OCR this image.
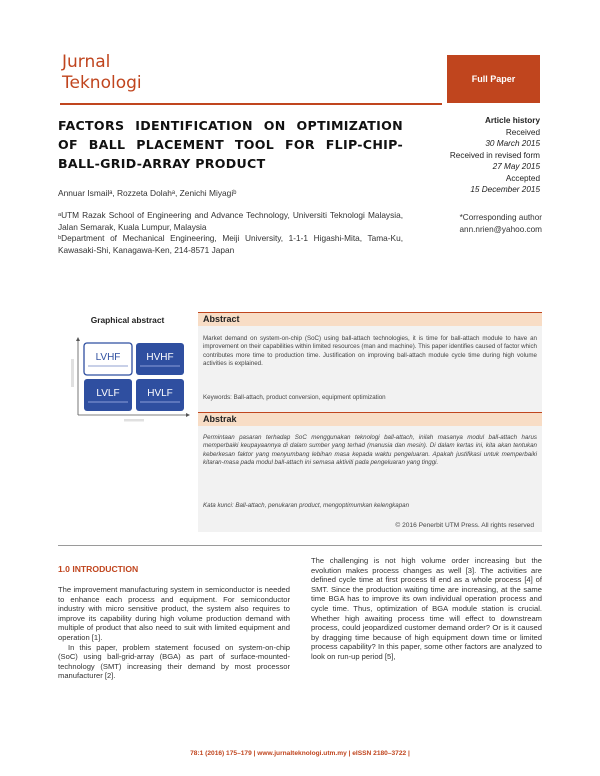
Jurnal
Teknologi	Full Paper
FACTORS IDENTIFICATION ON OPTIMIZATION OF BALL PLACEMENT TOOL FOR FLIP-CHIP-BALL-GRID-ARRAY PRODUCT
Article history
Received
30 March 2015
Received in revised form
27 May 2015
Accepted
15 December 2015
Annuar Ismailᵃ, Rozzeta Dolahᵃ, Zenichi Miyagiᵇ

ᵃUTM Razak School of Engineering and Advance Technology, Universiti Teknologi Malaysia, Jalan Semarak, Kuala Lumpur, Malaysia

ᵇDepartment of Mechanical Engineering, Meiji University, 1-1-1 Higashi-Mita, Tama-Ku, Kawasaki-Shi, Kanagawa-Ken, 214-8571 Japan

*Corresponding author
ann.nrien@yahoo.com
Graphical abstract
LVHF	HVHF
LVLF	HVLF
Abstract
Market demand on system-on-chip (SoC) using ball-attach technologies, it is time for ball-attach module to have an improvement on their capabilities within limited resources (man and machine). This paper identifies caused of factor which contributes more time to production time. Justification on improving ball-attach module cycle time during high volume activities is explained.
Keywords: Ball-attach, product conversion, equipment optimization
Abstrak
Permintaan pasaran terhadap SoC menggunakan teknologi ball-attach, inilah masanya modul ball-attach harus memperbaiki keupayaannya di dalam sumber yang terhad (manusia dan mesin). Di dalam kertas ini, kita akan tentukan keberkesan faktor yang menyumbang lebihan masa kepada waktu pengeluaran. Apakah justifikasi untuk memperbaiki kitaran-masa pada modul ball-attach ini semasa aktiviti pada pengeluaran yang tinggi.
Kata kunci: Ball-attach, penukaran product, mengoptimumkan kelengkapan
© 2016 Penerbit UTM Press. All rights reserved
1.0 INTRODUCTION

The improvement manufacturing system in semiconductor is needed to enhance each process and equipment. For semiconductor industry with micro sensitive product, the system also requires to improve its capability during high volume production demand with multiple of product that also need to suit with limited equipment and operation [1].

In this paper, problem statement focused on system-on-chip (SoC) using ball-grid-array (BGA) as part of surface-mounted-technology (SMT) increasing their demand by most processor manufacturer [2].

The challenging is not high volume order increasing but the evolution makes process changes as well [3]. The activities are defined cycle time at first process til end as a whole process [4] of SMT. Since the production waiting time are increasing, at the same time BGA has to improve its own individual operation process and cycle time. Thus, optimization of BGA module station is crucial. Whether high awaiting process time will effect to downstream process, could jeopardized customer demand order? Or is it caused by dragging time because of high equipment down time or limited process capability? In this paper, some other factors are analyzed to look on run-up period [5],

78:1 (2016) 175–179 | www.jurnalteknologi.utm.my | eISSN 2180–3722 |
